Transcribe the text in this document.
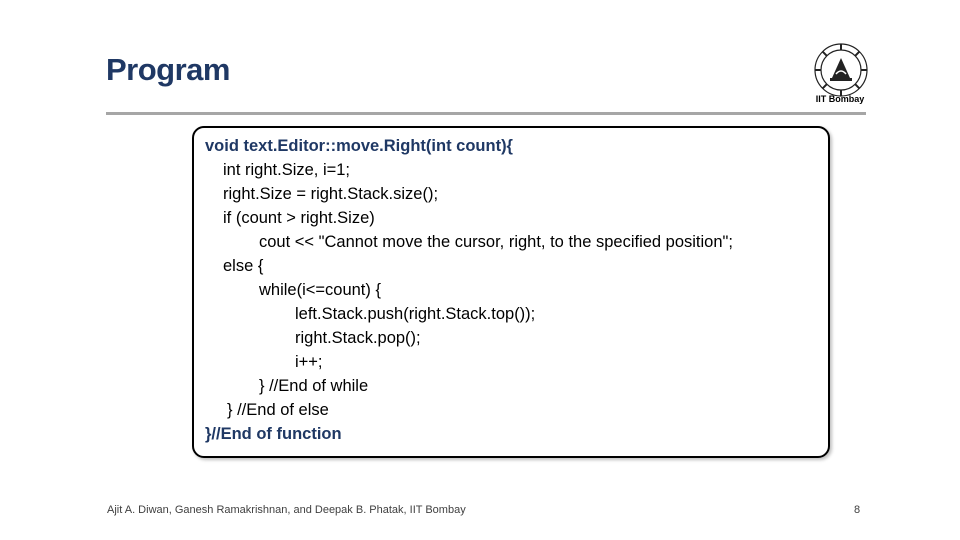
Program
IIT Bombay
void text.Editor::move.Right(int count){
int right.Size, i=1;
right.Size = right.Stack.size();
if (count > right.Size)
cout << "Cannot move the cursor, right, to the specified position";
else {
while(i<=count) {
left.Stack.push(right.Stack.top());
right.Stack.pop();
i++;
} //End of while
} //End of else
}//End of function
Ajit A. Diwan, Ganesh Ramakrishnan, and Deepak B. Phatak, IIT Bombay	8
